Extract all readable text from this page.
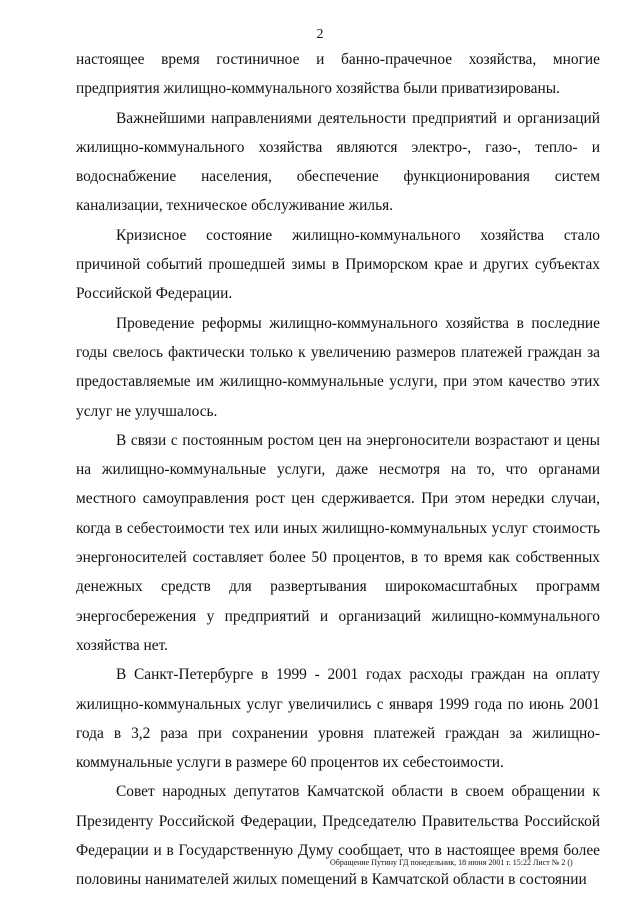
2

настоящее время гостиничное и банно-прачечное хозяйства, многие предприятия жилищно-коммунального хозяйства были приватизированы.

Важнейшими направлениями деятельности предприятий и организаций жилищно-коммунального хозяйства являются электро-, газо-, тепло- и водоснабжение населения, обеспечение функционирования систем канализации, техническое обслуживание жилья.

Кризисное состояние жилищно-коммунального хозяйства стало причиной событий прошедшей зимы в Приморском крае и других субъектах Российской Федерации.

Проведение реформы жилищно-коммунального хозяйства в последние годы свелось фактически только к увеличению размеров платежей граждан за предоставляемые им жилищно-коммунальные услуги, при этом качество этих услуг не улучшалось.

В связи с постоянным ростом цен на энергоносители возрастают и цены на жилищно-коммунальные услуги, даже несмотря на то, что органами местного самоуправления рост цен сдерживается. При этом нередки случаи, когда в себестоимости тех или иных жилищно-коммунальных услуг стоимость энергоносителей составляет более 50 процентов, в то время как собственных денежных средств для развертывания широкомасштабных программ энергосбережения у предприятий и организаций жилищно-коммунального хозяйства нет.

В Санкт-Петербурге в 1999 - 2001 годах расходы граждан на оплату жилищно-коммунальных услуг увеличились с января 1999 года по июнь 2001 года в 3,2 раза при сохранении уровня платежей граждан за жилищно-коммунальные услуги в размере 60 процентов их себестоимости.

Совет народных депутатов Камчатской области в своем обращении к Президенту Российской Федерации, Председателю Правительства Российской Федерации и в Государственную Думу сообщает, что в настоящее время более половины нанимателей жилых помещений в Камчатской области в состоянии

Обращение Путину ГД понедельник, 18 июня 2001 г. 15:22 Лист № 2 ()
